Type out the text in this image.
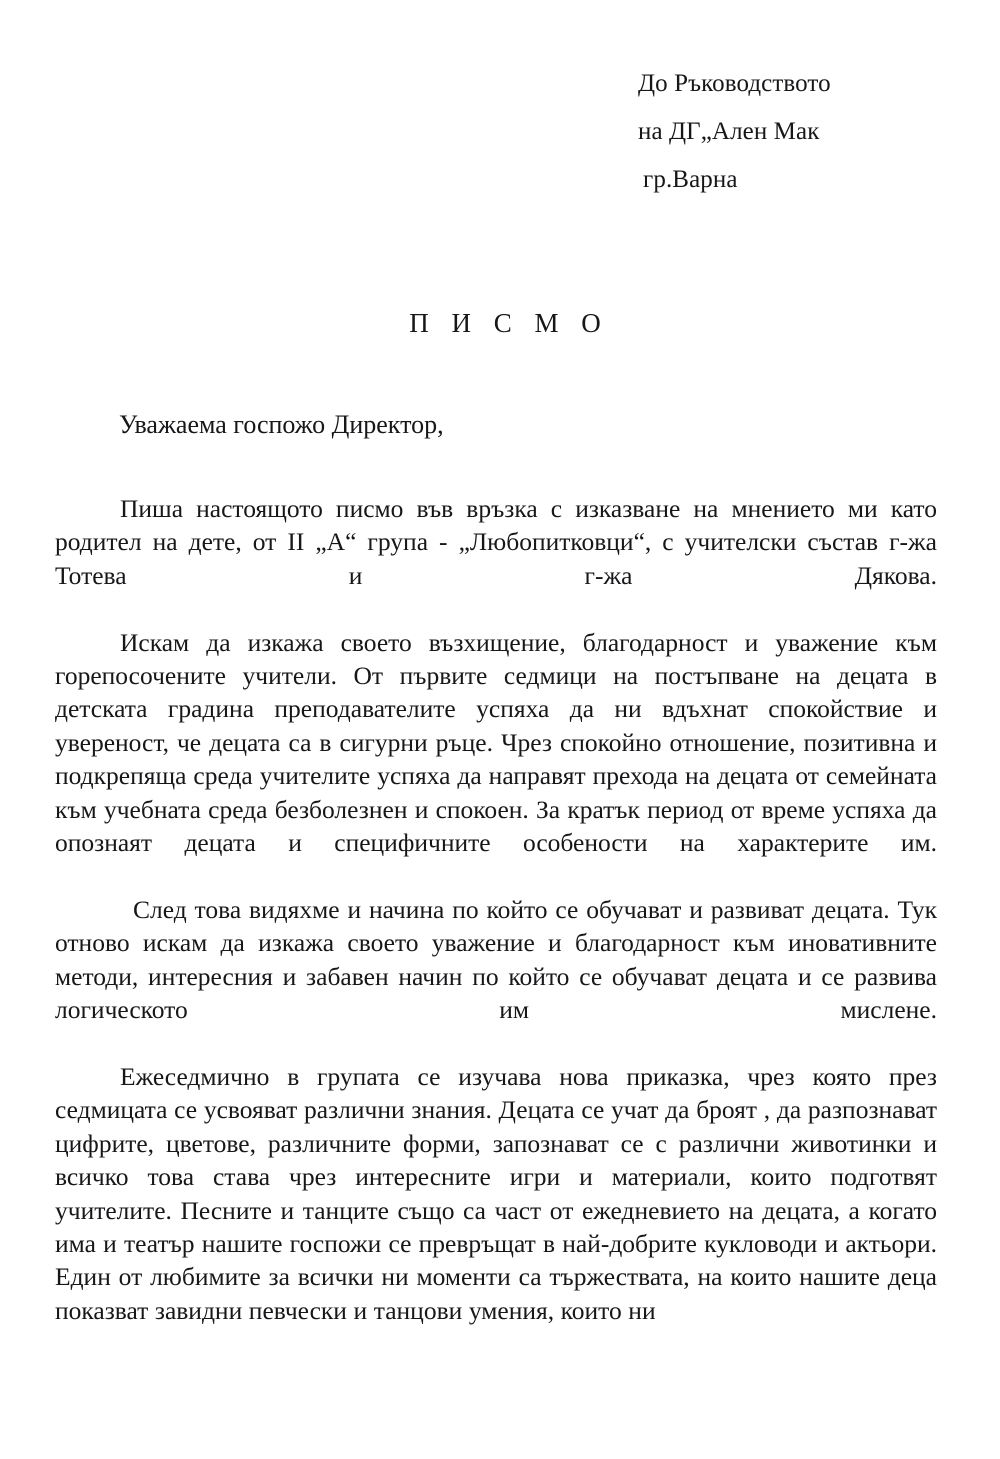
До Ръководството
на ДГ„Ален Мак
гр.Варна
П И С М О
Уважаема госпожо Директор,

Пиша настоящото писмо във връзка с изказване на мнението ми като родител на дете, от II „А“ група - „Любопитковци“, с учителски състав г-жа Тотева и г-жа Дякова.

Искам да изкажа своето възхищение, благодарност и уважение към горепосочените учители. От първите седмици на постъпване на децата в детската градина преподавателите успяха да ни вдъхнат спокойствие и увереност, че децата са в сигурни ръце. Чрез спокойно отношение, позитивна и подкрепяща среда учителите успяха да направят прехода на децата от семейната към учебната среда безболезнен и спокоен. За кратък период от време успяха да опознаят децата и специфичните особености на характерите им.

След това видяхме и начина по който се обучават и развиват децата. Тук отново искам да изкажа своето уважение и благодарност към иновативните методи, интересния и забавен начин по който се обучават децата и се развива логическото им мислене.

Ежеседмично в групата се изучава нова приказка, чрез която през седмицата се усвояват различни знания. Децата се учат да броят , да разпознават цифрите, цветове, различните форми, запознават се с различни животинки и всичко това става чрез интересните игри и материали, които подготвят учителите. Песните и танците също са част от ежедневието на децата, а когато има и театър нашите госпожи се превръщат в най-добрите кукловоди и актьори. Един от любимите за всички ни моменти са тържествата, на които нашите деца показват завидни певчески и танцови умения, които ни
